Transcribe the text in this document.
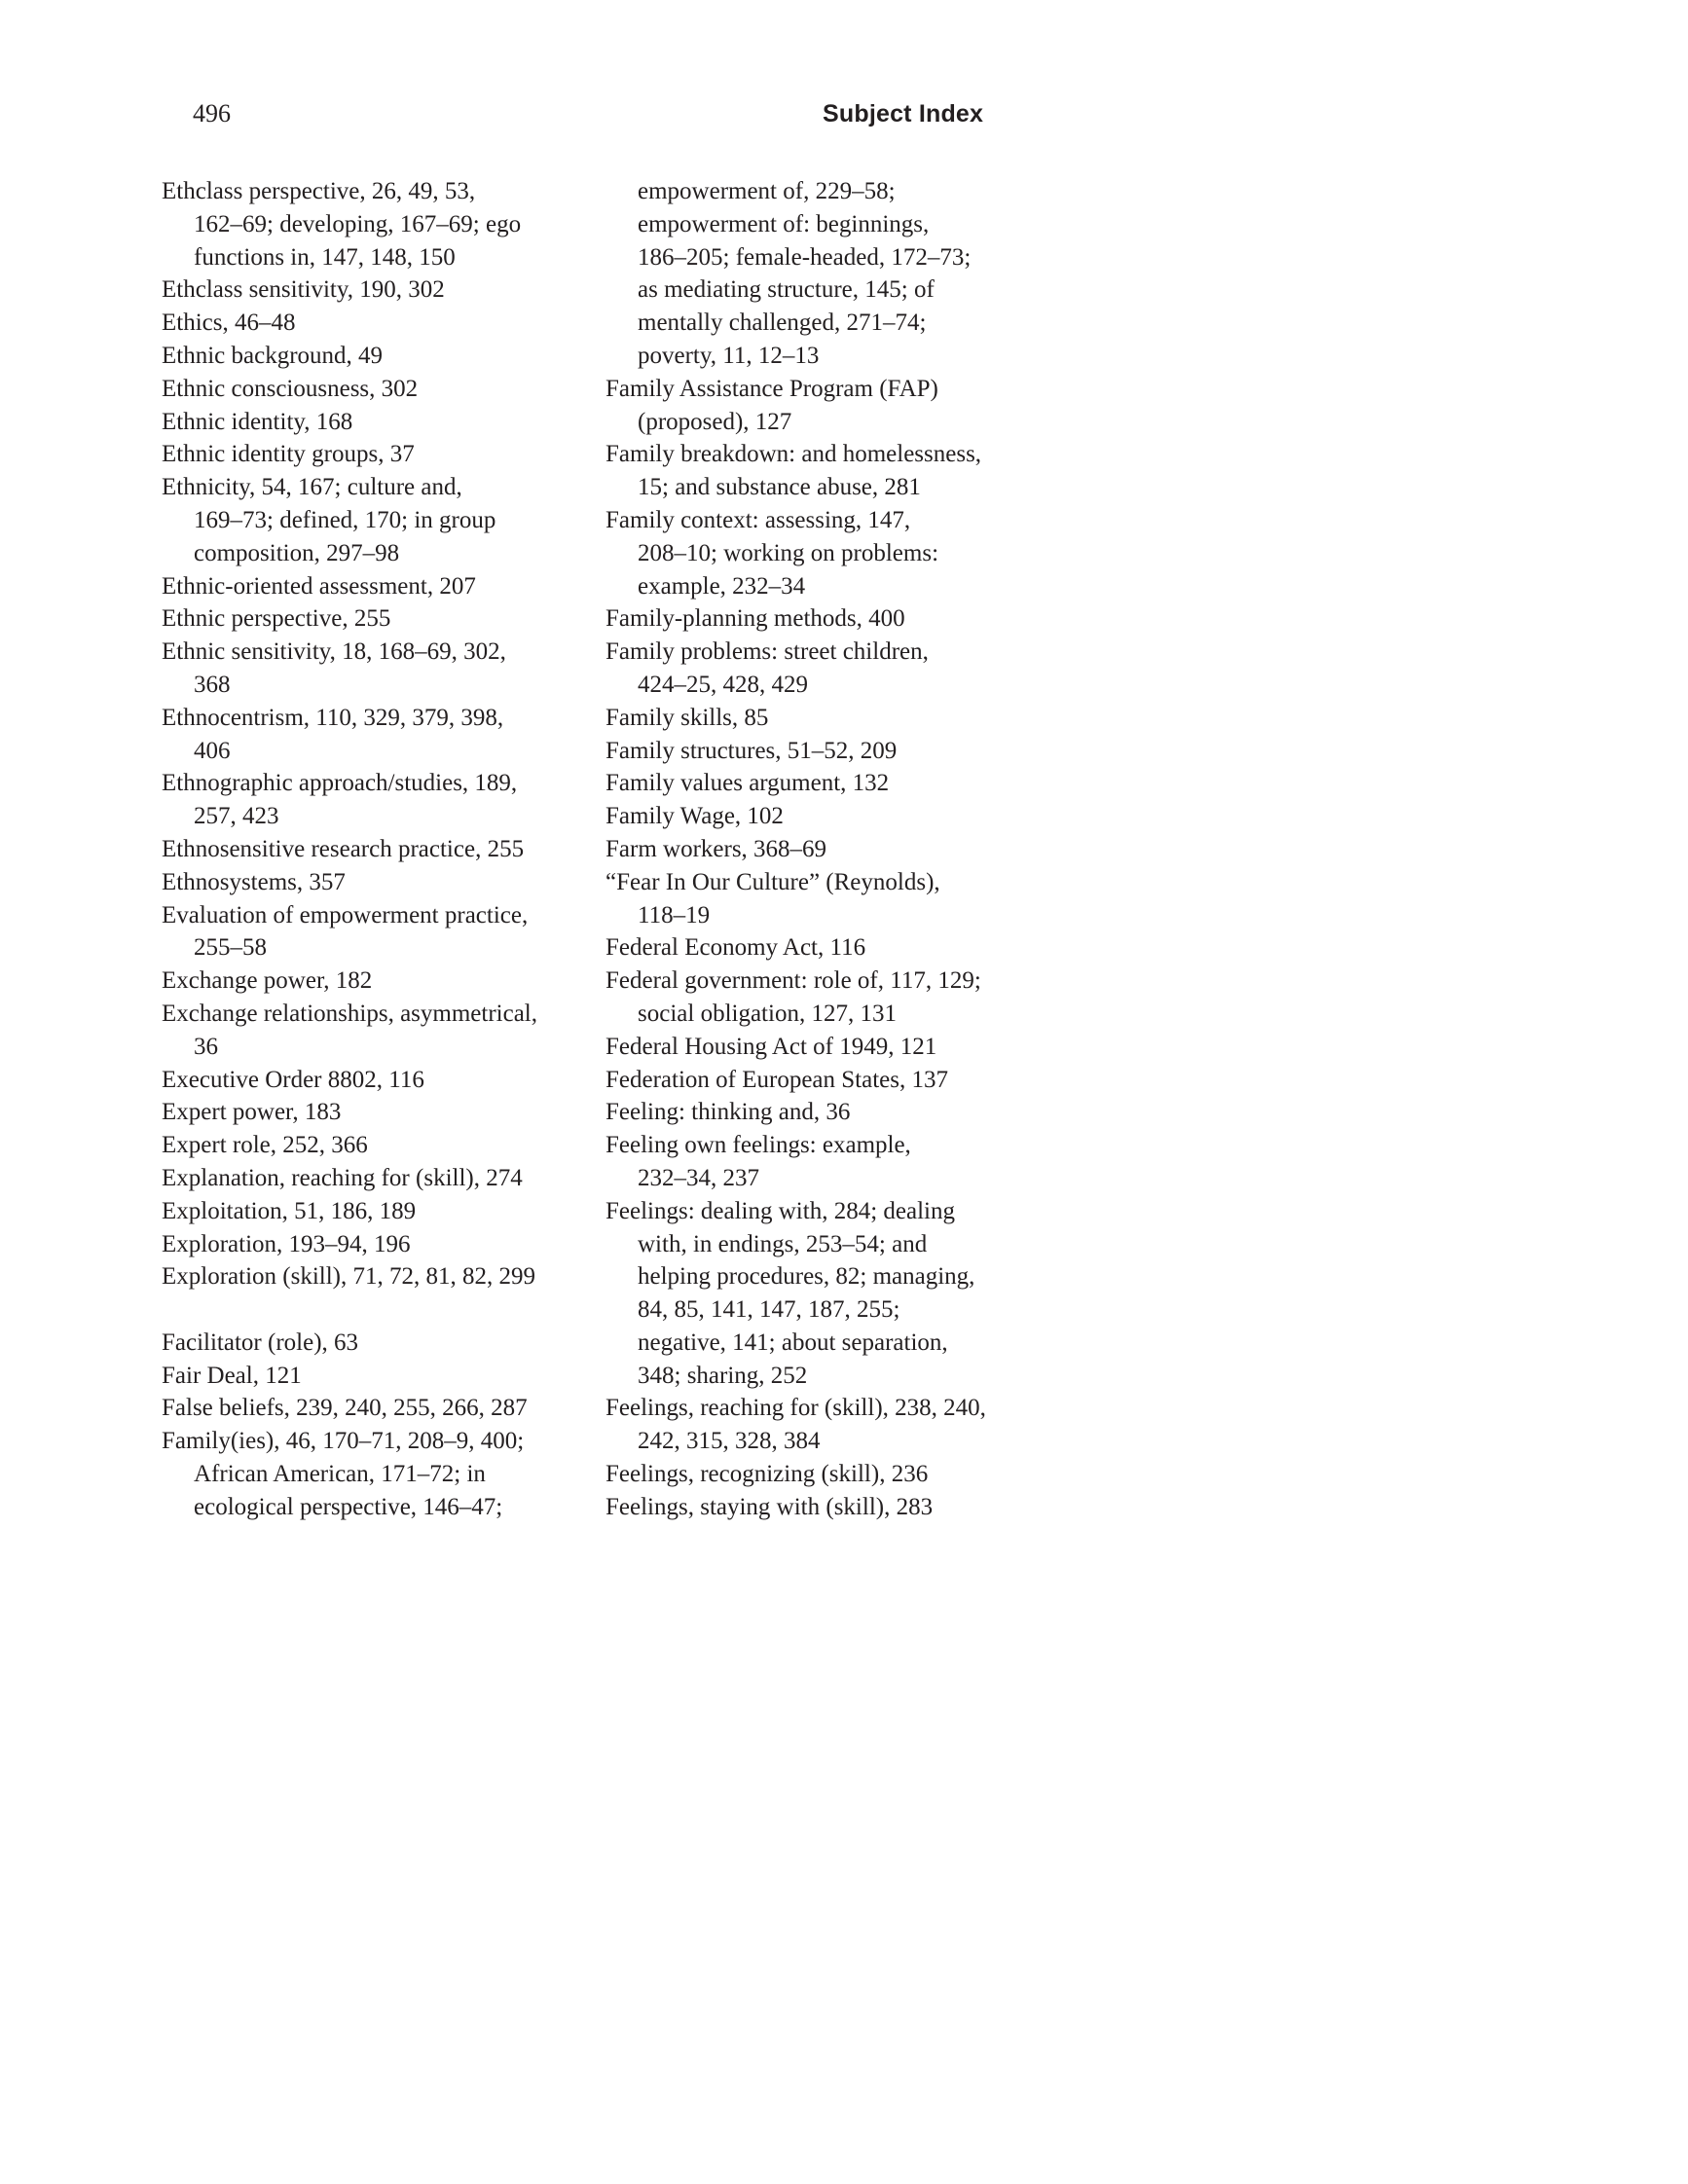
496	Subject Index
Ethclass perspective, 26, 49, 53,
162–69; developing, 167–69; ego
functions in, 147, 148, 150
Ethclass sensitivity, 190, 302
Ethics, 46–48
Ethnic background, 49
Ethnic consciousness, 302
Ethnic identity, 168
Ethnic identity groups, 37
Ethnicity, 54, 167; culture and,
169–73; defined, 170; in group
composition, 297–98
Ethnic-oriented assessment, 207
Ethnic perspective, 255
Ethnic sensitivity, 18, 168–69, 302,
368
Ethnocentrism, 110, 329, 379, 398,
406
Ethnographic approach/studies, 189,
257, 423
Ethnosensitive research practice, 255
Ethnosystems, 357
Evaluation of empowerment practice,
255–58
Exchange power, 182
Exchange relationships, asymmetrical,
36
Executive Order 8802, 116
Expert power, 183
Expert role, 252, 366
Explanation, reaching for (skill), 274
Exploitation, 51, 186, 189
Exploration, 193–94, 196
Exploration (skill), 71, 72, 81, 82, 299
Facilitator (role), 63
Fair Deal, 121
False beliefs, 239, 240, 255, 266, 287
Family(ies), 46, 170–71, 208–9, 400;
African American, 171–72; in
ecological perspective, 146–47;
empowerment of, 229–58;
empowerment of: beginnings,
186–205; female-headed, 172–73;
as mediating structure, 145; of
mentally challenged, 271–74;
poverty, 11, 12–13
Family Assistance Program (FAP)
(proposed), 127
Family breakdown: and homelessness,
15; and substance abuse, 281
Family context: assessing, 147,
208–10; working on problems:
example, 232–34
Family-planning methods, 400
Family problems: street children,
424–25, 428, 429
Family skills, 85
Family structures, 51–52, 209
Family values argument, 132
Family Wage, 102
Farm workers, 368–69
“Fear In Our Culture” (Reynolds),
118–19
Federal Economy Act, 116
Federal government: role of, 117, 129;
social obligation, 127, 131
Federal Housing Act of 1949, 121
Federation of European States, 137
Feeling: thinking and, 36
Feeling own feelings: example,
232–34, 237
Feelings: dealing with, 284; dealing
with, in endings, 253–54; and
helping procedures, 82; managing,
84, 85, 141, 147, 187, 255;
negative, 141; about separation,
348; sharing, 252
Feelings, reaching for (skill), 238, 240,
242, 315, 328, 384
Feelings, recognizing (skill), 236
Feelings, staying with (skill), 283
